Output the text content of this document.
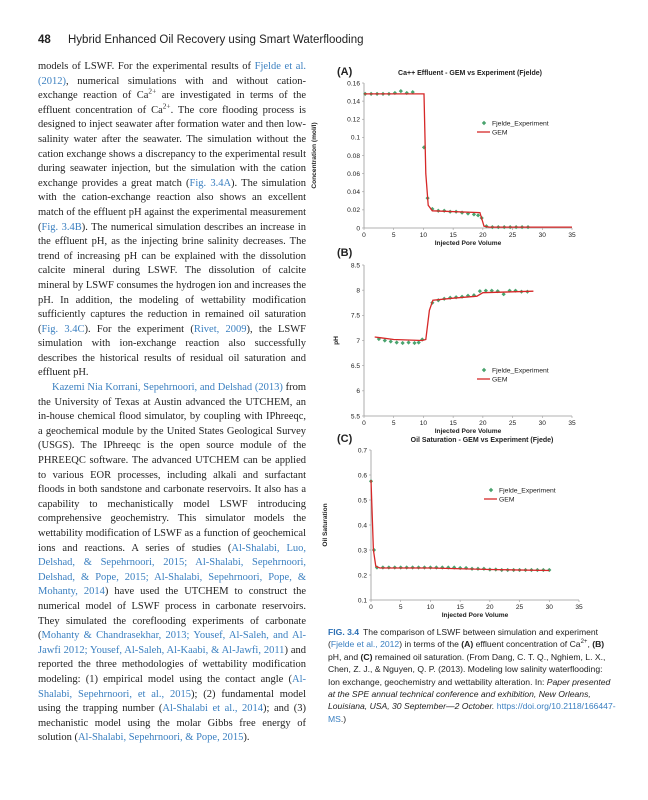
48 Hybrid Enhanced Oil Recovery using Smart Waterflooding

models of LSWF. For the experimental results of Fjelde et al. (2012), numerical simulations with and without cation-exchange reaction of $Ca^{2+}$ are investigated in terms of the effluent concentration of $Ca^{2+}$. The core flooding process is designed to inject seawater after formation water and then low-salinity water after the seawater. The simulation without the cation exchange shows a discrepancy to the experimental result during seawater injection, but the simulation with the cation exchange provides a great match (Fig. 3.4A). The simulation with the cation-exchange reaction also shows an excellent match of the effluent pH against the experimental measurement (Fig. 3.4B). The numerical simulation describes an increase in the effluent pH, as the injecting brine salinity decreases. The trend of increasing pH can be explained with the dissolution calcite mineral during LSWF. The dissolution of calcite mineral by LSWF consumes the hydrogen ion and increases the pH. In addition, the modeling of wettability modification sufficiently captures the reduction in remained oil saturation (Fig. 3.4C). For the experiment (Rivet, 2009), the LSWF simulation with ion-exchange reaction also successfully describes the historical results of residual oil saturation and effluent pH.

Kazemi Nia Korrani, Sepehrnoori, and Delshad (2013) from the University of Texas at Austin advanced the UTCHEM, an in-house chemical flood simulator, by coupling with IPhreeqc, a geochemical module by the United States Geological Survey (USGS). The IPhreeqc is the open source module of the PHREEQC software. The advanced UTCHEM can be applied to various EOR processes, including alkali and surfactant floods in both sandstone and carbonate reservoirs. It also has a capability to mechanistically model LSWF introducing comprehensive geochemistry. This simulator models the wettability modification of LSWF as a function of geochemical ions and reactions. A series of studies (Al-Shalabi, Luo, Delshad, & Sepehrnoori, 2015; Al-Shalabi, Sepehrnoori, Delshad, & Pope, 2015; Al-Shalabi, Sepehrnoori, Pope, & Mohanty, 2014) have used the UTCHEM to construct the numerical model of LSWF process in carbonate reservoirs. They simulated the coreflooding experiments of carbonate (Mohanty & Chandrasekhar, 2013; Yousef, Al-Saleh, and Al-Jawfi 2012; Yousef, Al-Saleh, Al-Kaabi, & Al-Jawfi, 2011) and reported the three methodologies of wettability modification modeling: (1) empirical model using the contact angle (Al-Shalabi, Sepehrnoori, et al., 2015); (2) fundamental model using the trapping number (Al-Shalabi et al., 2014); and (3) mechanistic model using the molar Gibbs free energy of solution (Al-Shalabi, Sepehrnoori, & Pope, 2015).

(A)	Ca++ Effluent - GEM vs Experiment (Fjelde)
0
0.02
0.04
0.06
0.08
0.1
0.12
0.14
0.16
0	5	10	15	20	25	30	35
Injected Pore Volume
Concentration (mol/l)	Fjelde_Experiment
GEM
(B)
5.5
6
6.5
7
7.5
8
8.5
0	5	10	15	20	25	30	35
Injected Pore Volume
pH
Fjelde_Experiment
GEM
(C)	Oil Saturation - GEM vs Experiment (Fjede)
0.1
0.2
0.3
0.4
0.5
0.6
0.7
0	5	10	15	20	25	30	35
Injected Pore Volume
Oil Saturation
Fjelde_Experiment
GEM
FIG. 3.4 The comparison of LSWF between simulation and experiment (Fjelde et al., 2012) in terms of the (A) effluent concentration of $Ca^{2+}$, (B) pH, and (C) remained oil saturation. (From Dang, C. T. Q., Nghiem, L. X., Chen, Z. J., & Nguyen, Q. P. (2013). Modeling low salinity waterflooding: Ion exchange, geochemistry and wettability alteration. In: Paper presented at the SPE annual technical conference and exhibition, New Orleans, Louisiana, USA, 30 September—2 October. https://doi.org/10.2118/166447-MS.)
